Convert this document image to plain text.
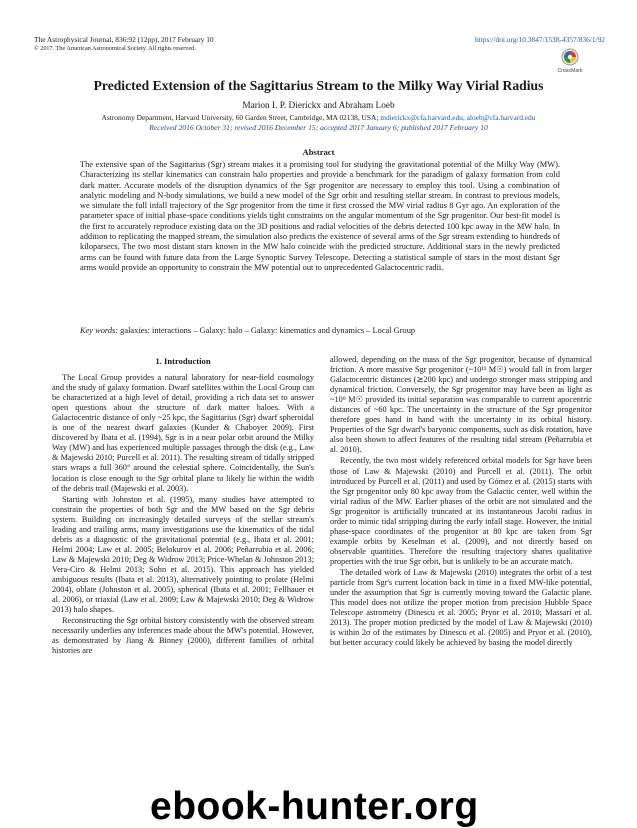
The Astrophysical Journal, 836:92 (12pp), 2017 February 10
© 2017. The American Astronomical Society. All rights reserved.
https://doi.org/10.3847/1538-4357/836/1/92
CrossMark
Predicted Extension of the Sagittarius Stream to the Milky Way Virial Radius
Marion I. P. Dierickx and Abraham Loeb
Astronomy Department, Harvard University, 60 Garden Street, Cambridge, MA 02138, USA; mdierickx@cfa.harvard.edu, aloeb@cfa.harvard.edu
Received 2016 October 31; revised 2016 December 15; accepted 2017 January 6; published 2017 February 10
Abstract

The extensive span of the Sagittarius (Sgr) stream makes it a promising tool for studying the gravitational potential of the Milky Way (MW). Characterizing its stellar kinematics can constrain halo properties and provide a benchmark for the paradigm of galaxy formation from cold dark matter. Accurate models of the disruption dynamics of the Sgr progenitor are necessary to employ this tool. Using a combination of analytic modeling and N-body simulations, we build a new model of the Sgr orbit and resulting stellar stream. In contrast to previous models, we simulate the full infall trajectory of the Sgr progenitor from the time it first crossed the MW virial radius 8 Gyr ago. An exploration of the parameter space of initial phase-space conditions yields tight constraints on the angular momentum of the Sgr progenitor. Our best-fit model is the first to accurately reproduce existing data on the 3D positions and radial velocities of the debris detected 100 kpc away in the MW halo. In addition to replicating the mapped stream, the simulation also predicts the existence of several arms of the Sgr stream extending to hundreds of kiloparsecs. The two most distant stars known in the MW halo coincide with the predicted structure. Additional stars in the newly predicted arms can be found with future data from the Large Synoptic Survey Telescope. Detecting a statistical sample of stars in the most distant Sgr arms would provide an opportunity to constrain the MW potential out to unprecedented Galactocentric radii.

Key words: galaxies: interactions – Galaxy: halo – Galaxy: kinematics and dynamics – Local Group
1. Introduction

The Local Group provides a natural laboratory for near-field cosmology and the study of galaxy formation. Dwarf satellites within the Local Group can be characterized at a high level of detail, providing a rich data set to answer open questions about the structure of dark matter haloes. With a Galactocentric distance of only ~25 kpc, the Sagittarius (Sgr) dwarf spheroidal is one of the nearest dwarf galaxies (Kunder & Chaboyer 2009). First discovered by Ibata et al. (1994), Sgr is in a near polar orbit around the Milky Way (MW) and has experienced multiple passages through the disk (e.g., Law & Majewski 2010; Purcell et al. 2011). The resulting stream of tidally stripped stars wraps a full 360° around the celestial sphere. Coincidentally, the Sun's location is close enough to the Sgr orbital plane to likely lie within the width of the debris trail (Majewski et al. 2003).

Starting with Johnston et al. (1995), many studies have attempted to constrain the properties of both Sgr and the MW based on the Sgr debris system. Building on increasingly detailed surveys of the stellar stream's leading and trailing arms, many investigations use the kinematics of the tidal debris as a diagnostic of the gravitational potential (e.g., Ibata et al. 2001; Helmi 2004; Law et al. 2005; Belokurov et al. 2006; Peñarrubia et al. 2006; Law & Majewski 2010; Deg & Widrow 2013; Price-Whelan & Johnston 2013; Vera-Ciro & Helmi 2013; Sohn et al. 2015). This approach has yielded ambiguous results (Ibata et al. 2013), alternatively pointing to prolate (Helmi 2004), oblate (Johnston et al. 2005), spherical (Ibata et al. 2001; Fellhauer et al. 2006), or triaxial (Law et al. 2009; Law & Majewski 2010; Deg & Widrow 2013) halo shapes.

Reconstructing the Sgr orbital history consistently with the observed stream necessarily underlies any inferences made about the MW's potential. However, as demonstrated by Jiang & Binney (2000), different families of orbital histories are

allowed, depending on the mass of the Sgr progenitor, because of dynamical friction. A more massive Sgr progenitor (~10¹¹ M☉) would fall in from larger Galactocentric distances (≳200 kpc) and undergo stronger mass stripping and dynamical friction. Conversely, the Sgr progenitor may have been as light as ~10⁹ M☉ provided its initial separation was comparable to current apocentric distances of ~60 kpc. The uncertainty in the structure of the Sgr progenitor therefore goes hand in hand with the uncertainty in its orbital history. Properties of the Sgr dwarf's baryonic components, such as disk rotation, have also been shown to affect features of the resulting tidal stream (Peñarrubia et al. 2010).

Recently, the two most widely referenced orbital models for Sgr have been those of Law & Majewski (2010) and Purcell et al. (2011). The orbit introduced by Purcell et al. (2011) and used by Gómez et al. (2015) starts with the Sgr progenitor only 80 kpc away from the Galactic center, well within the virial radius of the MW. Earlier phases of the orbit are not simulated and the Sgr progenitor is artificially truncated at its instantaneous Jacobi radius in order to mimic tidal stripping during the early infall stage. However, the initial phase-space coordinates of the progenitor at 80 kpc are taken from Sgr example orbits by Keselman et al. (2009), and not directly based on observable quantities. Therefore the resulting trajectory shares qualitative properties with the true Sgr orbit, but is unlikely to be an accurate match.

The detailed work of Law & Majewski (2010) integrates the orbit of a test particle from Sgr's current location back in time in a fixed MW-like potential, under the assumption that Sgr is currently moving toward the Galactic plane. This model does not utilize the proper motion from precision Hubble Space Telescope astrometry (Dinescu et al. 2005; Pryor et al. 2010; Massari et al. 2013). The proper motion predicted by the model of Law & Majewski (2010) is within 2σ of the estimates by Dinescu et al. (2005) and Pryor et al. (2010), but better accuracy could likely be achieved by basing the model directly

ebook-hunter.org
